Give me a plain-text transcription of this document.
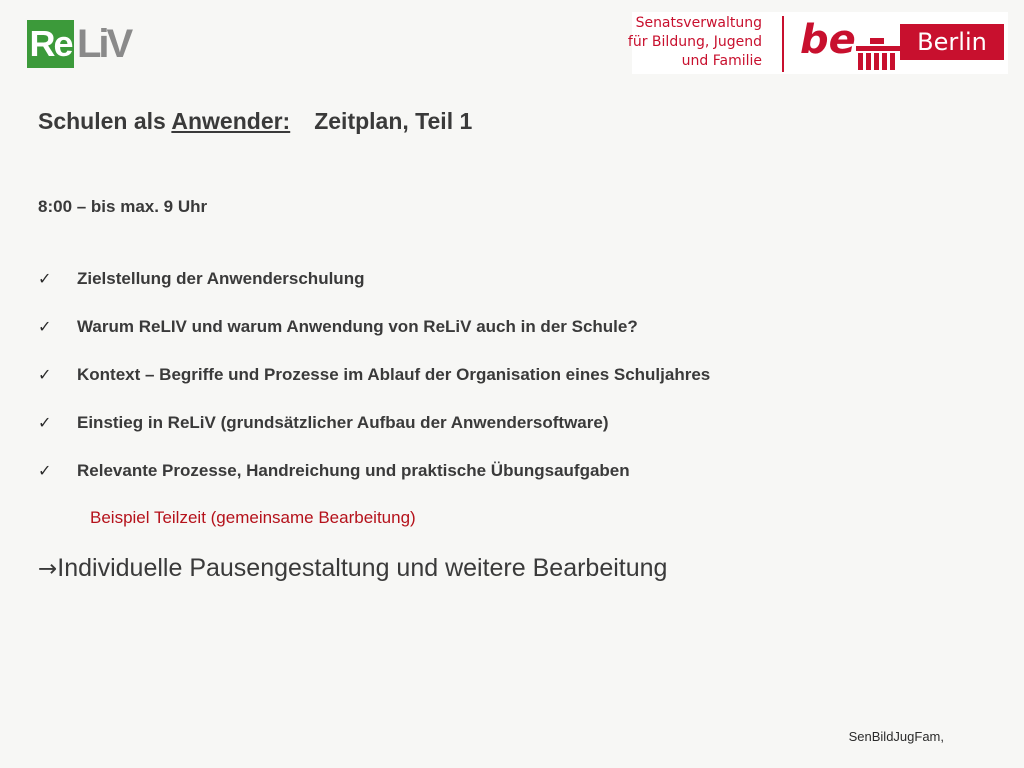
Re LiV	Senatsverwaltung
für Bildung, Jugend
und Familie be	Berlin
Schulen als Anwender: Zeitplan, Teil 1
8:00 – bis max. 9 Uhr
✓ Zielstellung der Anwenderschulung
✓ Warum ReLIV und warum Anwendung von ReLiV auch in der Schule?
✓ Kontext – Begriffe und Prozesse im Ablauf der Organisation eines Schuljahres
✓ Einstieg in ReLiV (grundsätzlicher Aufbau der Anwendersoftware)
✓ Relevante Prozesse, Handreichung und praktische Übungsaufgaben
Beispiel Teilzeit (gemeinsame Bearbeitung)
→Individuelle Pausengestaltung und weitere Bearbeitung
SenBildJugFam,
